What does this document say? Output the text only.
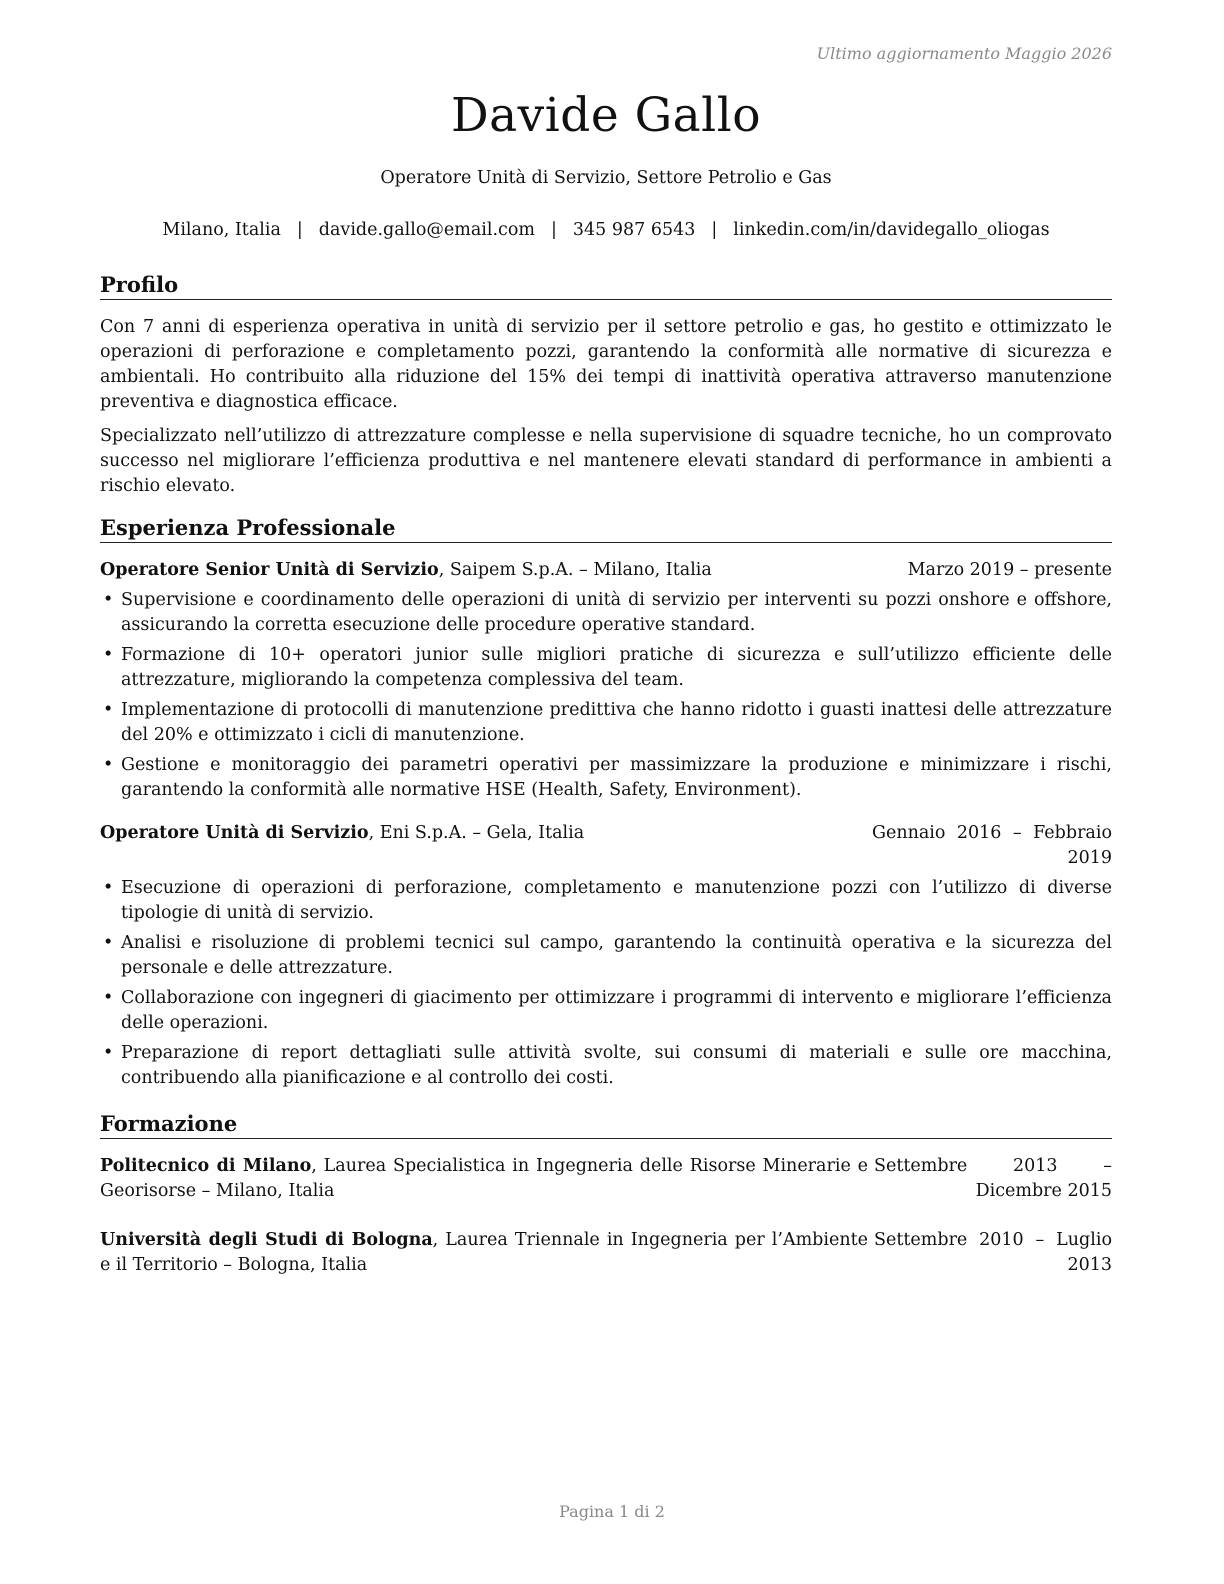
Ultimo aggiornamento Maggio 2026
Davide Gallo
Operatore Unità di Servizio, Settore Petrolio e Gas
Milano, Italia | davide.gallo@email.com | 345 987 6543 | linkedin.com/in/davidegallo_oliogas
Profilo

Con 7 anni di esperienza operativa in unità di servizio per il settore petrolio e gas, ho gestito e ottimizzato le operazioni di perforazione e completamento pozzi, garantendo la conformità alle normative di sicurezza e ambientali. Ho contribuito alla riduzione del 15% dei tempi di inattività operativa attraverso manutenzione preventiva e diagnostica efficace.

Specializzato nell’utilizzo di attrezzature complesse e nella supervisione di squadre tecniche, ho un comprovato successo nel migliorare l’efficienza produttiva e nel mantenere elevati standard di performance in ambienti a rischio elevato.

Esperienza Professionale
Operatore Senior Unità di Servizio, Saipem S.p.A. – Milano, Italia	Marzo 2019 – presente
• Supervisione e coordinamento delle operazioni di unità di servizio per interventi su pozzi onshore e offshore, assicurando la corretta esecuzione delle procedure operative standard.
• Formazione di 10+ operatori junior sulle migliori pratiche di sicurezza e sull’utilizzo efficiente delle attrezzature, migliorando la competenza complessiva del team.
• Implementazione di protocolli di manutenzione predittiva che hanno ridotto i guasti inattesi delle attrezzature del 20% e ottimizzato i cicli di manutenzione.
• Gestione e monitoraggio dei parametri operativi per massimizzare la produzione e minimizzare i rischi, garantendo la conformità alle normative HSE (Health, Safety, Environment).
Operatore Unità di Servizio, Eni S.p.A. – Gela, Italia	Gennaio 2016 – Febbraio 2019
• Esecuzione di operazioni di perforazione, completamento e manutenzione pozzi con l’utilizzo di diverse tipologie di unità di servizio.
• Analisi e risoluzione di problemi tecnici sul campo, garantendo la continuità operativa e la sicurezza del personale e delle attrezzature.
• Collaborazione con ingegneri di giacimento per ottimizzare i programmi di intervento e migliorare l’efficienza delle operazioni.
• Preparazione di report dettagliati sulle attività svolte, sui consumi di materiali e sulle ore macchina, contribuendo alla pianificazione e al controllo dei costi.
Formazione
Politecnico di Milano, Laurea Specialistica in Ingegneria delle Risorse Minerarie e Georisorse – Milano, Italia
Settembre 2013 – Dicembre 2015
Università degli Studi di Bologna, Laurea Triennale in Ingegneria per l’Ambiente e il Territorio – Bologna, Italia
Settembre 2010 – Luglio 2013
Pagina 1 di 2
